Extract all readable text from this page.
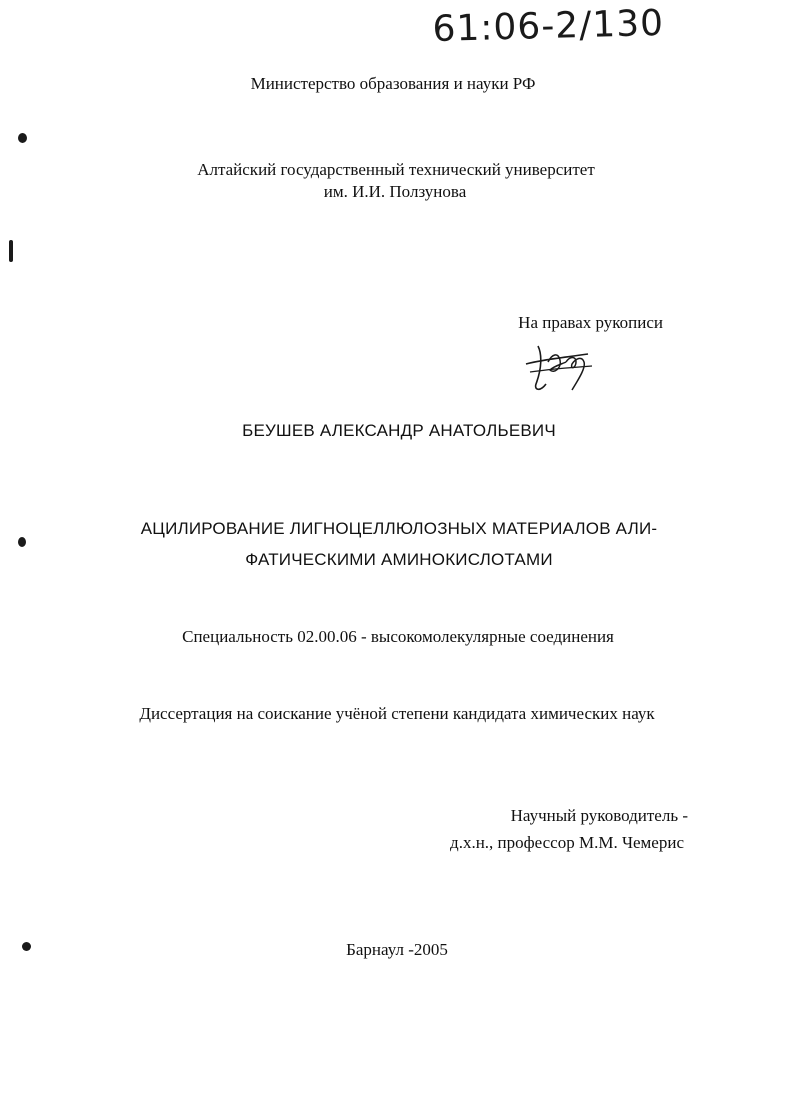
61:06-2/130
Министерство образования и науки РФ
Алтайский государственный технический университет
им. И.И. Ползунова
На правах рукописи
БЕУШЕВ АЛЕКСАНДР АНАТОЛЬЕВИЧ
АЦИЛИРОВАНИЕ ЛИГНОЦЕЛЛЮЛОЗНЫХ МАТЕРИАЛОВ АЛИ-
ФАТИЧЕСКИМИ АМИНОКИСЛОТАМИ
Специальность 02.00.06 - высокомолекулярные соединения
Диссертация на соискание учёной степени кандидата химических наук
Научный руководитель -
д.х.н., профессор М.М. Чемерис
Барнаул -2005
